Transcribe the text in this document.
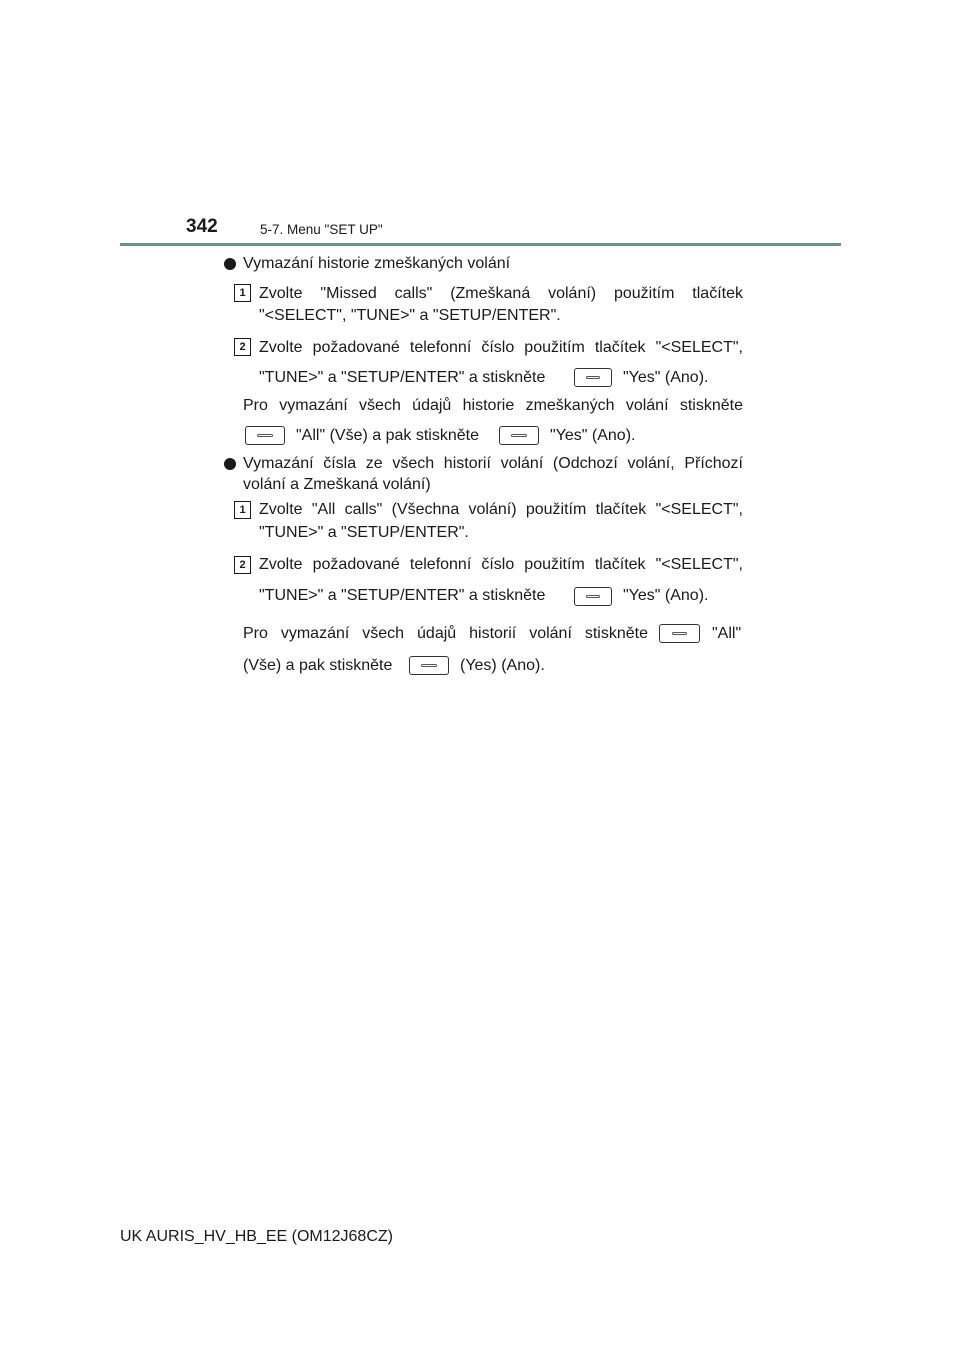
342	5-7. Menu "SET UP"
Vymazání historie zmeškaných volání
1 Zvolte "Missed calls" (Zmeškaná volání) použitím tlačítek
"<SELECT", "TUNE>" a "SETUP/ENTER".
2 Zvolte požadované telefonní číslo použitím tlačítek "<SELECT",
"TUNE>" a "SETUP/ENTER" a stiskněte	"Yes" (Ano).
Pro vymazání všech údajů historie zmeškaných volání stiskněte
"All" (Vše) a pak stiskněte	"Yes" (Ano).
Vymazání čísla ze všech historií volání (Odchozí volání, Příchozí
volání a Zmeškaná volání)
1 Zvolte "All calls" (Všechna volání) použitím tlačítek "<SELECT",
"TUNE>" a "SETUP/ENTER".
2 Zvolte požadované telefonní číslo použitím tlačítek "<SELECT",
"TUNE>" a "SETUP/ENTER" a stiskněte	"Yes" (Ano).
Pro vymazání všech údajů historií volání stiskněte	"All"
(Vše) a pak stiskněte	(Yes) (Ano).
UK AURIS_HV_HB_EE (OM12J68CZ)
